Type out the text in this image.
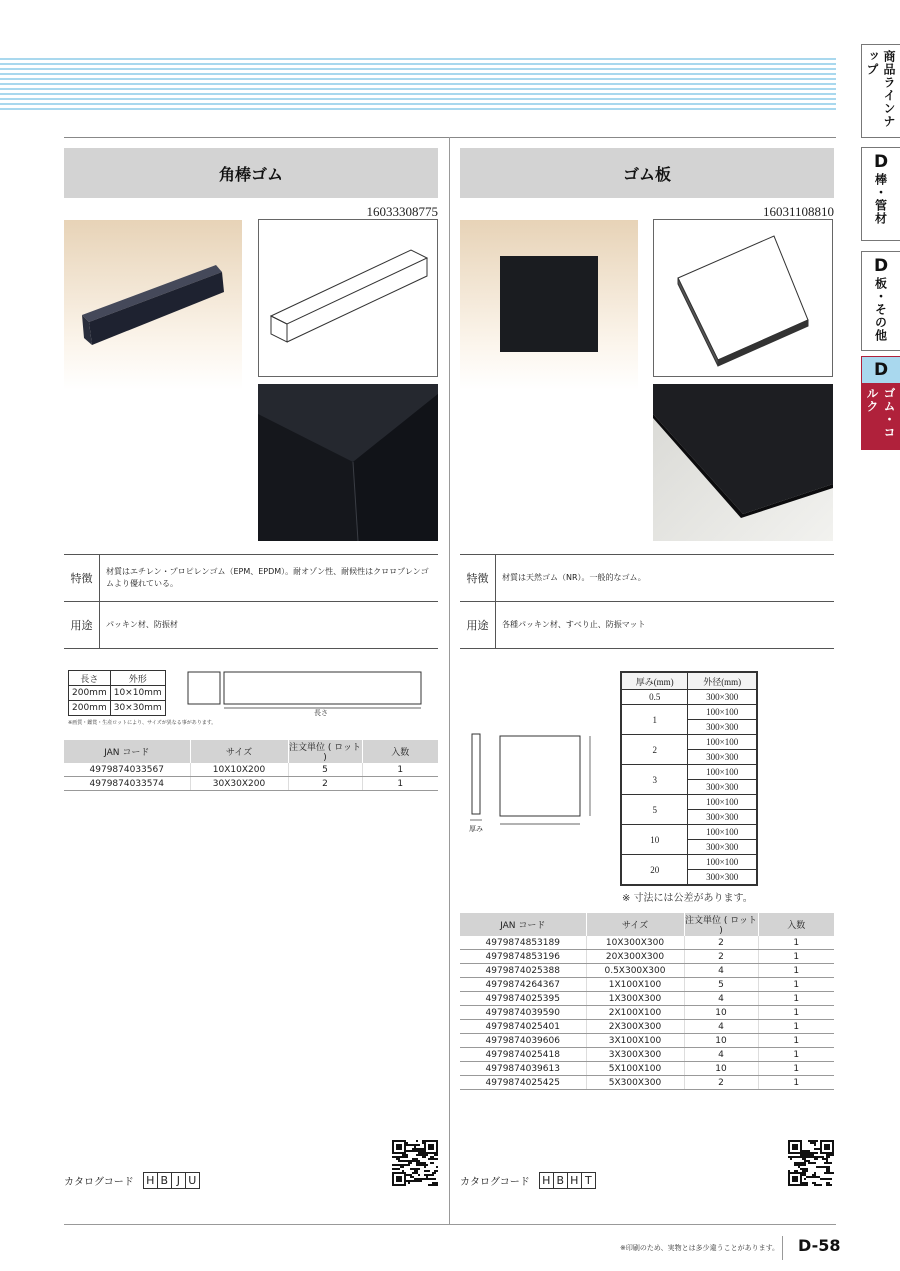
商品ラインナップ
D
棒・管材
D
板・その他
D
ゴム・コルク
角棒ゴム
16033308775
特徴
材質はエチレン・プロピレンゴム（EPM、EPDM）。耐オゾン性、耐候性はクロロプレンゴムより優れている。
用途	パッキン材、防振材
長さ	外形
200mm	10×10mm
200mm	30×30mm
※画質・鑑賞・生産ロットにより、サイズが異なる事があります。
長さ
JAN コード	サイズ	注文単位 ( ロット )	入数
4979874033567	10X10X200	5	1
4979874033574	30X30X200	2	1
カタログコード	H B J U
ゴム板
16031108810
特徴	材質は天然ゴム（NR）。一般的なゴム。
用途	各種パッキン材、すべり止、防振マット
厚み
厚み(mm)	外径(mm)
0.5	300×300
1	100×100
	300×300
2	100×100
	300×300
3	100×100
	300×300
5	100×100
	300×300
10	100×100
	300×300
20	100×100
	300×300
※ 寸法には公差があります。
JAN コード	サイズ	注文単位 ( ロット )	入数
4979874853189	10X300X300	2	1
4979874853196	20X300X300	2	1
4979874025388	0.5X300X300	4	1
4979874264367	1X100X100	5	1
4979874025395	1X300X300	4	1
4979874039590	2X100X100	10	1
4979874025401	2X300X300	4	1
4979874039606	3X100X100	10	1
4979874025418	3X300X300	4	1
4979874039613	5X100X100	10	1
4979874025425	5X300X300	2	1
カタログコード	H B H T
※印刷のため、実物とは多少違うことがあります。 D-58
